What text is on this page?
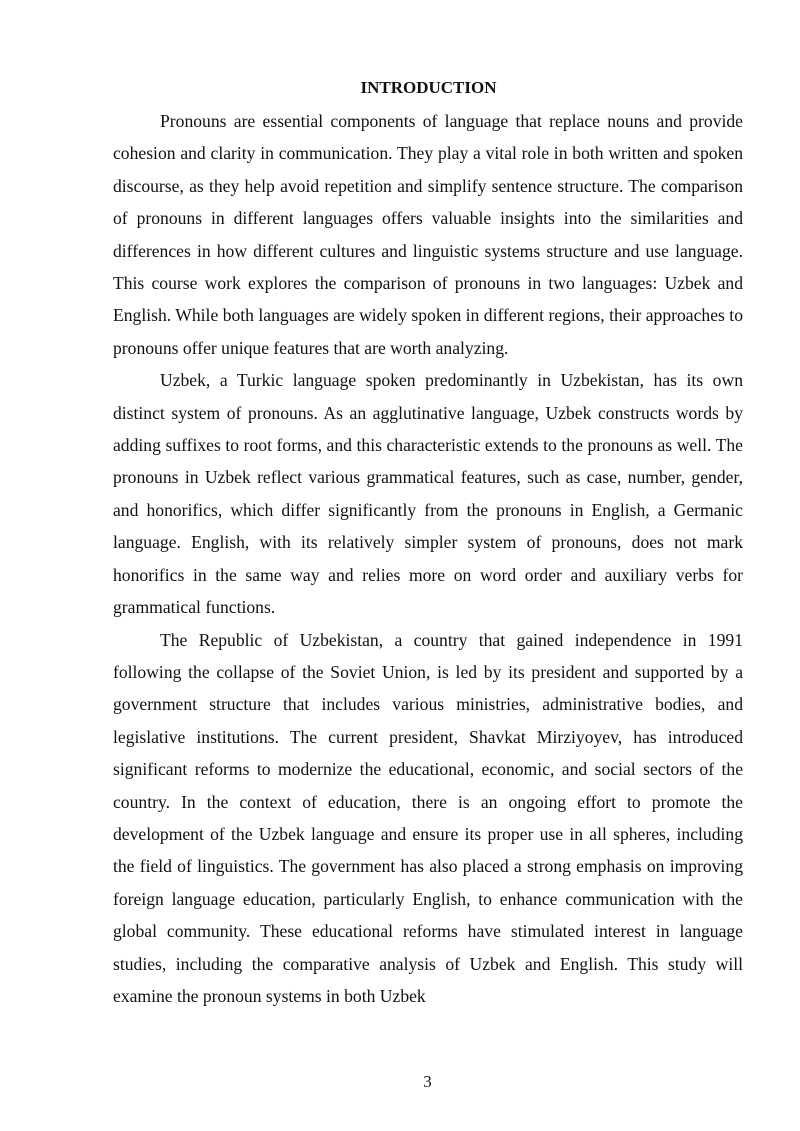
INTRODUCTION

Pronouns are essential components of language that replace nouns and provide cohesion and clarity in communication. They play a vital role in both written and spoken discourse, as they help avoid repetition and simplify sentence structure. The comparison of pronouns in different languages offers valuable insights into the similarities and differences in how different cultures and linguistic systems structure and use language. This course work explores the comparison of pronouns in two languages: Uzbek and English. While both languages are widely spoken in different regions, their approaches to pronouns offer unique features that are worth analyzing.

Uzbek, a Turkic language spoken predominantly in Uzbekistan, has its own distinct system of pronouns. As an agglutinative language, Uzbek constructs words by adding suffixes to root forms, and this characteristic extends to the pronouns as well. The pronouns in Uzbek reflect various grammatical features, such as case, number, gender, and honorifics, which differ significantly from the pronouns in English, a Germanic language. English, with its relatively simpler system of pronouns, does not mark honorifics in the same way and relies more on word order and auxiliary verbs for grammatical functions.

The Republic of Uzbekistan, a country that gained independence in 1991 following the collapse of the Soviet Union, is led by its president and supported by a government structure that includes various ministries, administrative bodies, and legislative institutions. The current president, Shavkat Mirziyoyev, has introduced significant reforms to modernize the educational, economic, and social sectors of the country. In the context of education, there is an ongoing effort to promote the development of the Uzbek language and ensure its proper use in all spheres, including the field of linguistics. The government has also placed a strong emphasis on improving foreign language education, particularly English, to enhance communication with the global community. These educational reforms have stimulated interest in language studies, including the comparative analysis of Uzbek and English. This study will examine the pronoun systems in both Uzbek

3
